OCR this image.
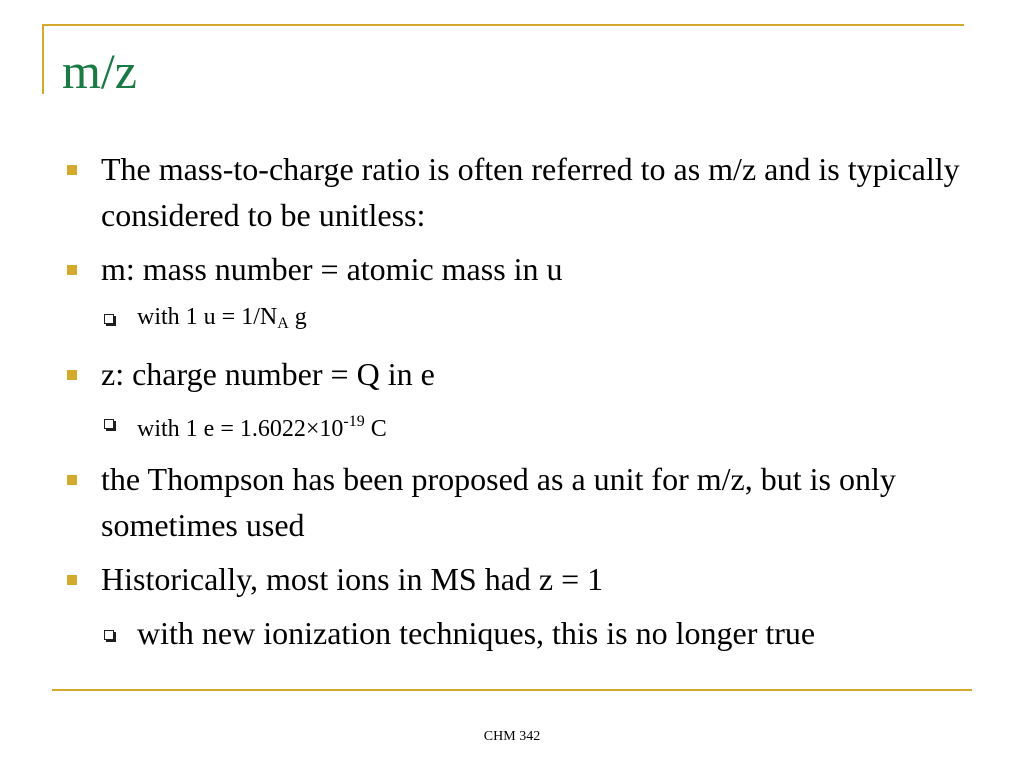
m/z
The mass-to-charge ratio is often referred to as m/z and is typically considered to be unitless:
m: mass number = atomic mass in u
with 1 $u = 1/N_A$ g
z: charge number = Q in e
with 1 $e = 1.6022\times 10^{-19}$ C
the Thompson has been proposed as a unit for m/z, but is only sometimes used
Historically, most ions in MS had z = 1
with new ionization techniques, this is no longer true
CHM 342
